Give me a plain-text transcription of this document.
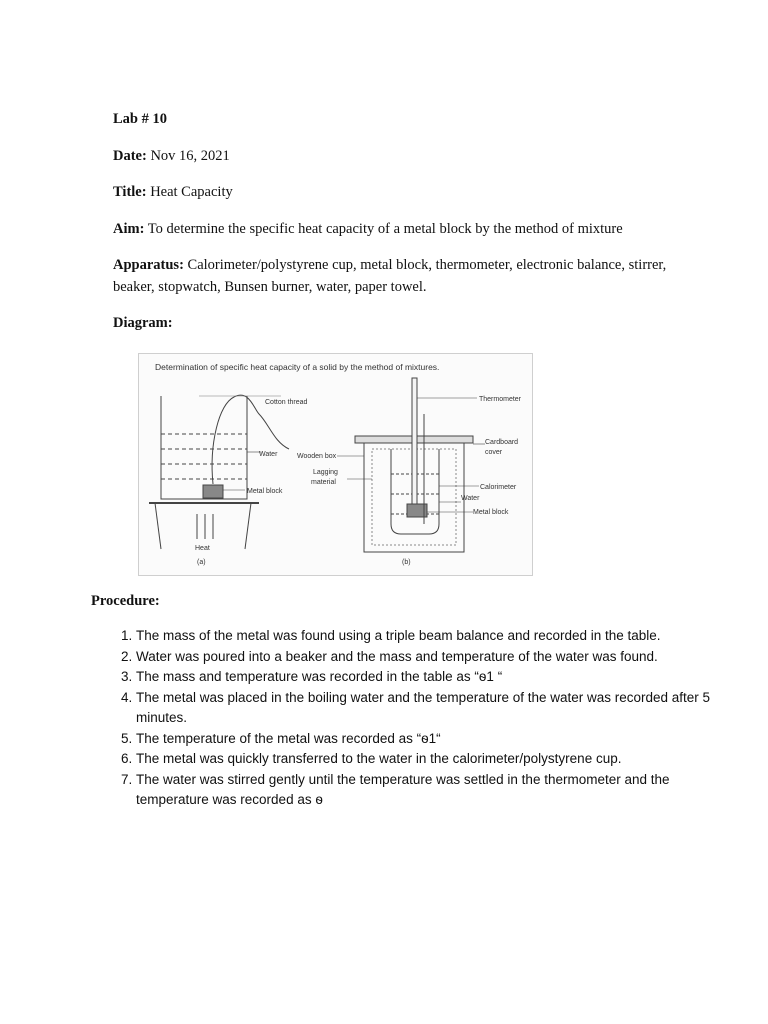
Lab # 10
Date: Nov 16, 2021
Title: Heat Capacity
Aim: To determine the specific heat capacity of a metal block by the method of mixture
Apparatus: Calorimeter/polystyrene cup, metal block, thermometer, electronic balance, stirrer, beaker, stopwatch, Bunsen burner, water, paper towel.
Diagram:
Determination of specific heat capacity of a solid by the method of mixtures.
Cotton thread
Water
Metal block
Heat
(a)
Thermometer
Cardboard
cover
Wooden box
Lagging
material
Calorimeter
Water
Metal block
(b)
Procedure:
1. The mass of the metal was found using a triple beam balance and recorded in the table.
2. Water was poured into a beaker and the mass and temperature of the water was found.
3. The mass and temperature was recorded in the table as “ѳ1 “
4. The metal was placed in the boiling water and the temperature of the water was recorded after 5 minutes.
5. The temperature of the metal was recorded as “ѳ1“
6. The metal was quickly transferred to the water in the calorimeter/polystyrene cup.
7. The water was stirred gently until the temperature was settled in the thermometer and the temperature was recorded as ѳ
